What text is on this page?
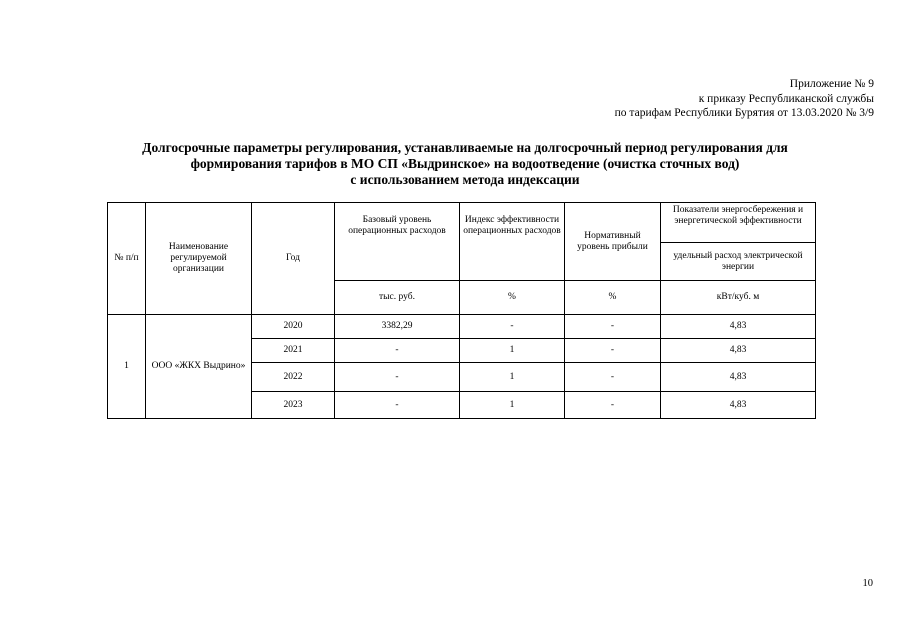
Приложение № 9
к приказу Республиканской службы
по тарифам Республики Бурятия от 13.03.2020 № 3/9
Долгосрочные параметры регулирования, устанавливаемые на долгосрочный период регулирования для
формирования тарифов в МО СП «Выдринское» на водоотведение (очистка сточных вод)
с использованием метода индексации
№ п/п	Наименование регулируемой организации	Год	Базовый уровень операционных расходов	Индекс эффективности операционных расходов	Нормативный уровень прибыли	Показатели энергосбережения и энергетической эффективности
						удельный расход электрической энергии
			тыс. руб.	%	%	кВт/куб. м
1	ООО «ЖКХ Выдрино»	2020	3382,29	-	-	4,83
		2021	-	1	-	4,83
		2022	-	1	-	4,83
		2023	-	1	-	4,83
10
